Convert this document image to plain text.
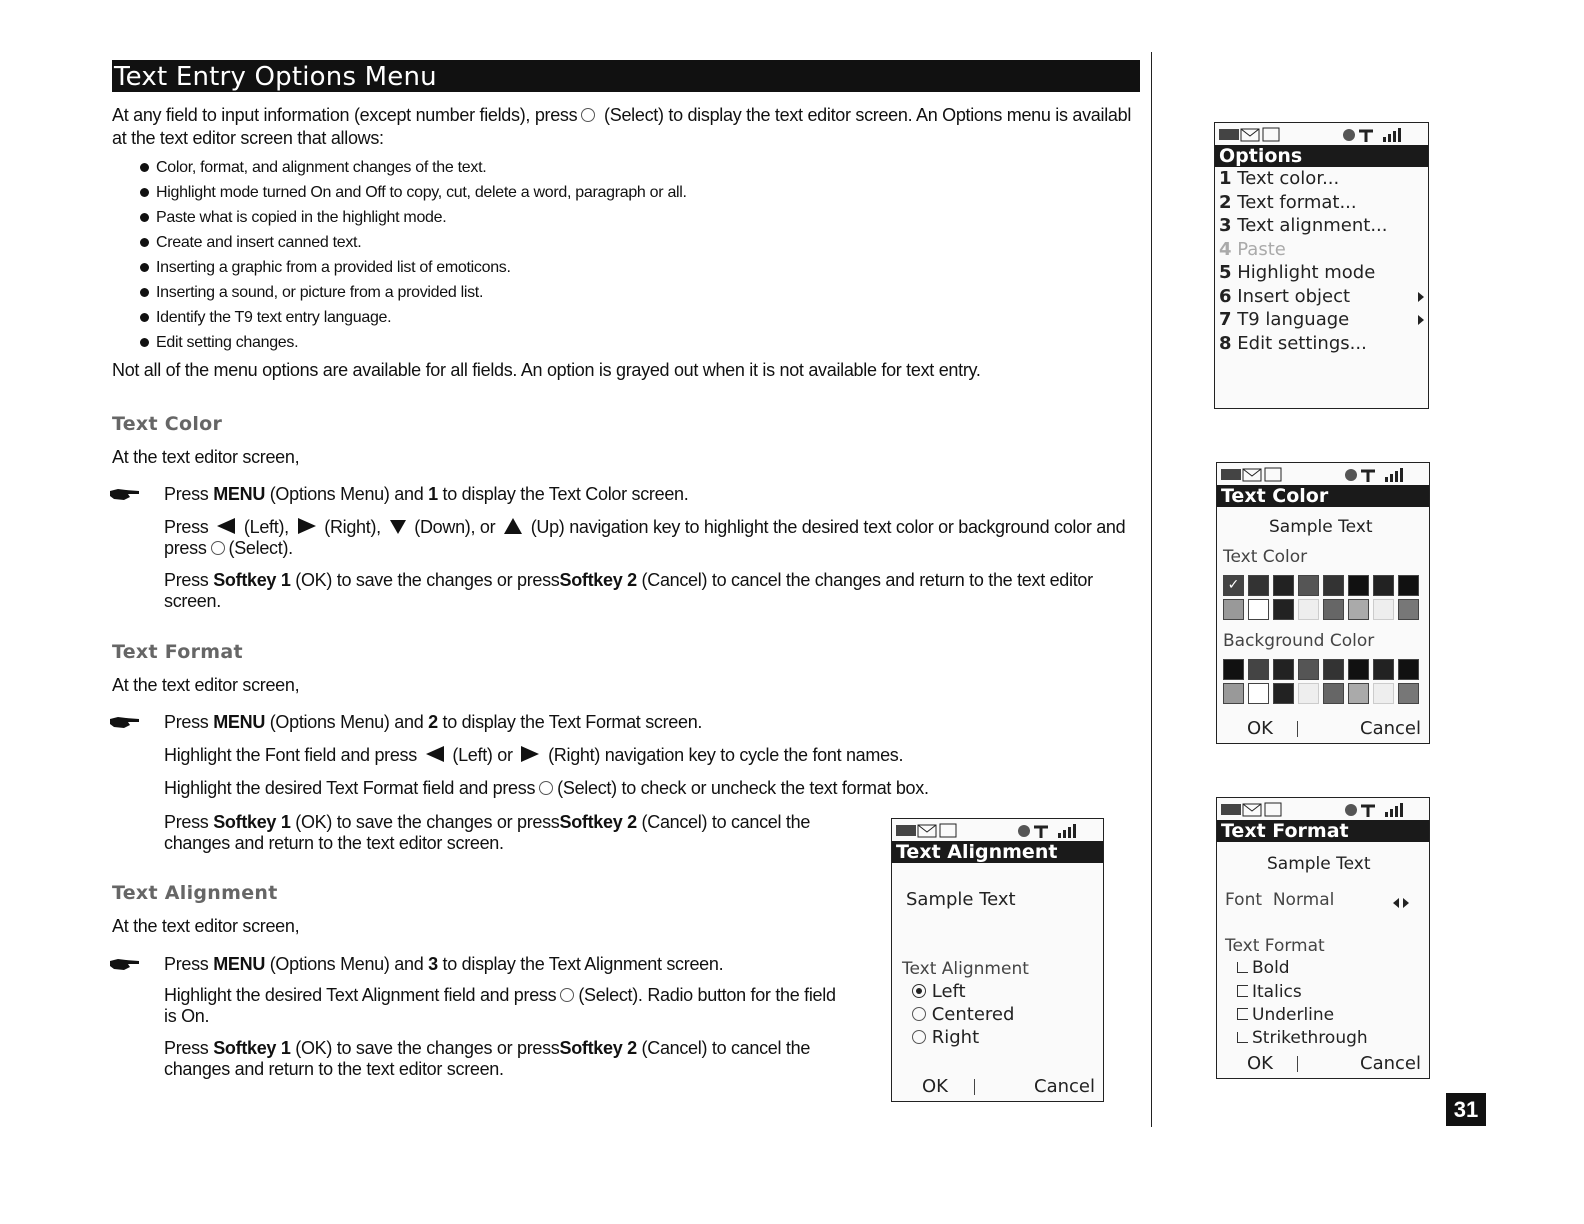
Text Entry Options Menu
At any field to input information (except number fields), press (Select) to display the text editor screen. An Options menu is availabl
at the text editor screen that allows:
Color, format, and alignment changes of the text.
Highlight mode turned On and Off to copy, cut, delete a word, paragraph or all.
Paste what is copied in the highlight mode.
Create and insert canned text.
Inserting a graphic from a provided list of emoticons.
Inserting a sound, or picture from a provided list.
Identify the T9 text entry language.
Edit setting changes.
Not all of the menu options are available for all fields. An option is grayed out when it is not available for text entry.
Text Color
At the text editor screen,
Press MENU (Options Menu) and 1 to display the Text Color screen.
Press (Left), (Right), (Down), or (Up) navigation key to highlight the desired text color or background color and
press (Select).
Press Softkey 1 (OK) to save the changes or pressSoftkey 2 (Cancel) to cancel the changes and return to the text editor
screen.
Text Format
At the text editor screen,
Press MENU (Options Menu) and 2 to display the Text Format screen.
Highlight the Font field and press (Left) or (Right) navigation key to cycle the font names.
Highlight the desired Text Format field and press (Select) to check or uncheck the text format box.
Press Softkey 1 (OK) to save the changes or pressSoftkey 2 (Cancel) to cancel the
changes and return to the text editor screen.
Text Alignment
At the text editor screen,
Press MENU (Options Menu) and 3 to display the Text Alignment screen.
Highlight the desired Text Alignment field and press (Select). Radio button for the field
is On.
Press Softkey 1 (OK) to save the changes or pressSoftkey 2 (Cancel) to cancel the
changes and return to the text editor screen.
Text Alignment
Sample Text
Text Alignment
Left
Centered
Right
OK	Cancel
Options
1 Text color...
2 Text format...
3 Text alignment...
4 Paste
5 Highlight mode
6 Insert object
7 T9 language
8 Edit settings...
Text Color
Sample Text
Text Color
✓
Background Color
OK	Cancel
Text Format
Sample Text
Font Normal
Text Format
Bold
Italics
Underline
Strikethrough
OK	Cancel
31
